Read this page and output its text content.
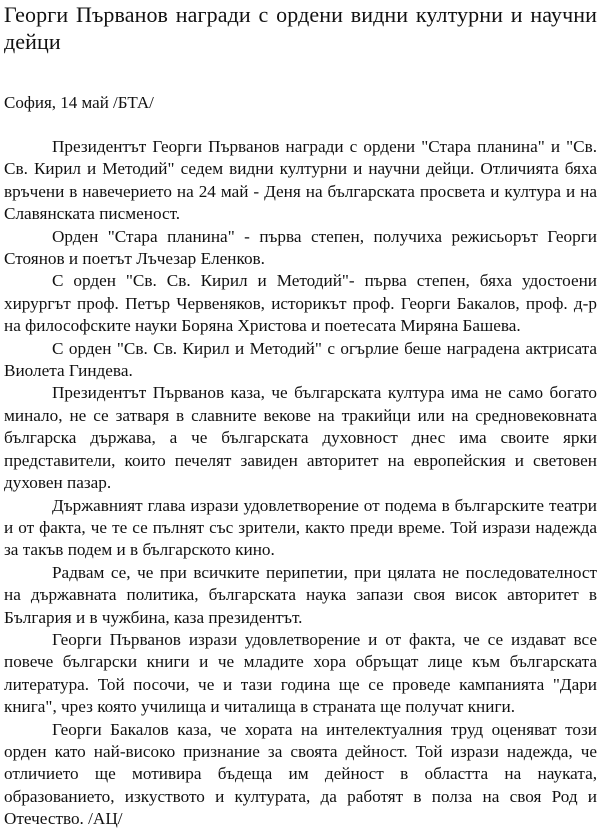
Георги Първанов награди с ордени видни културни и научни дейци

София, 14 май /БТА/

Президентът Георги Първанов награди с ордени "Стара планина" и "Св. Св. Кирил и Методий" седем видни културни и научни дейци. Отличията бяха връчени в навечерието на 24 май - Деня на българската просвета и култура и на Славянската писменост.

Орден "Стара планина" - първа степен, получиха режисьорът Георги Стоянов и поетът Лъчезар Еленков.

С орден "Св. Св. Кирил и Методий"- първа степен, бяха удостоени хирургът проф. Петър Червеняков, историкът проф. Георги Бакалов, проф. д-р на философските науки Боряна Христова и поетесата Миряна Башева.

С орден "Св. Св. Кирил и Методий" с огърлие беше наградена актрисата Виолета Гиндева.

Президентът Първанов каза, че българската култура има не само богато минало, не се затваря в славните векове на тракийци или на средновековната българска държава, а че българската духовност днес има своите ярки представители, които печелят завиден авторитет на европейския и световен духовен пазар.

Държавният глава изрази удовлетворение от подема в българските театри и от факта, че те се пълнят със зрители, както преди време. Той изрази надежда за такъв подем и в българското кино.

Радвам се, че при всичките перипетии, при цялата не последователност на държавната политика, българската наука запази своя висок авторитет в България и в чужбина, каза президентът.

Георги Първанов изрази удовлетворение и от факта, че се издават все повече български книги и че младите хора обръщат лице към българската литература. Той посочи, че и тази година ще се проведе кампанията "Дари книга", чрез която училища и читалища в страната ще получат книги.

Георги Бакалов каза, че хората на интелектуалния труд оценяват този орден като най-високо признание за своята дейност. Той изрази надежда, че отличието ще мотивира бъдеща им дейност в областта на науката, образованието, изкуството и културата, да работят в полза на своя Род и Отечество. /АЦ/
